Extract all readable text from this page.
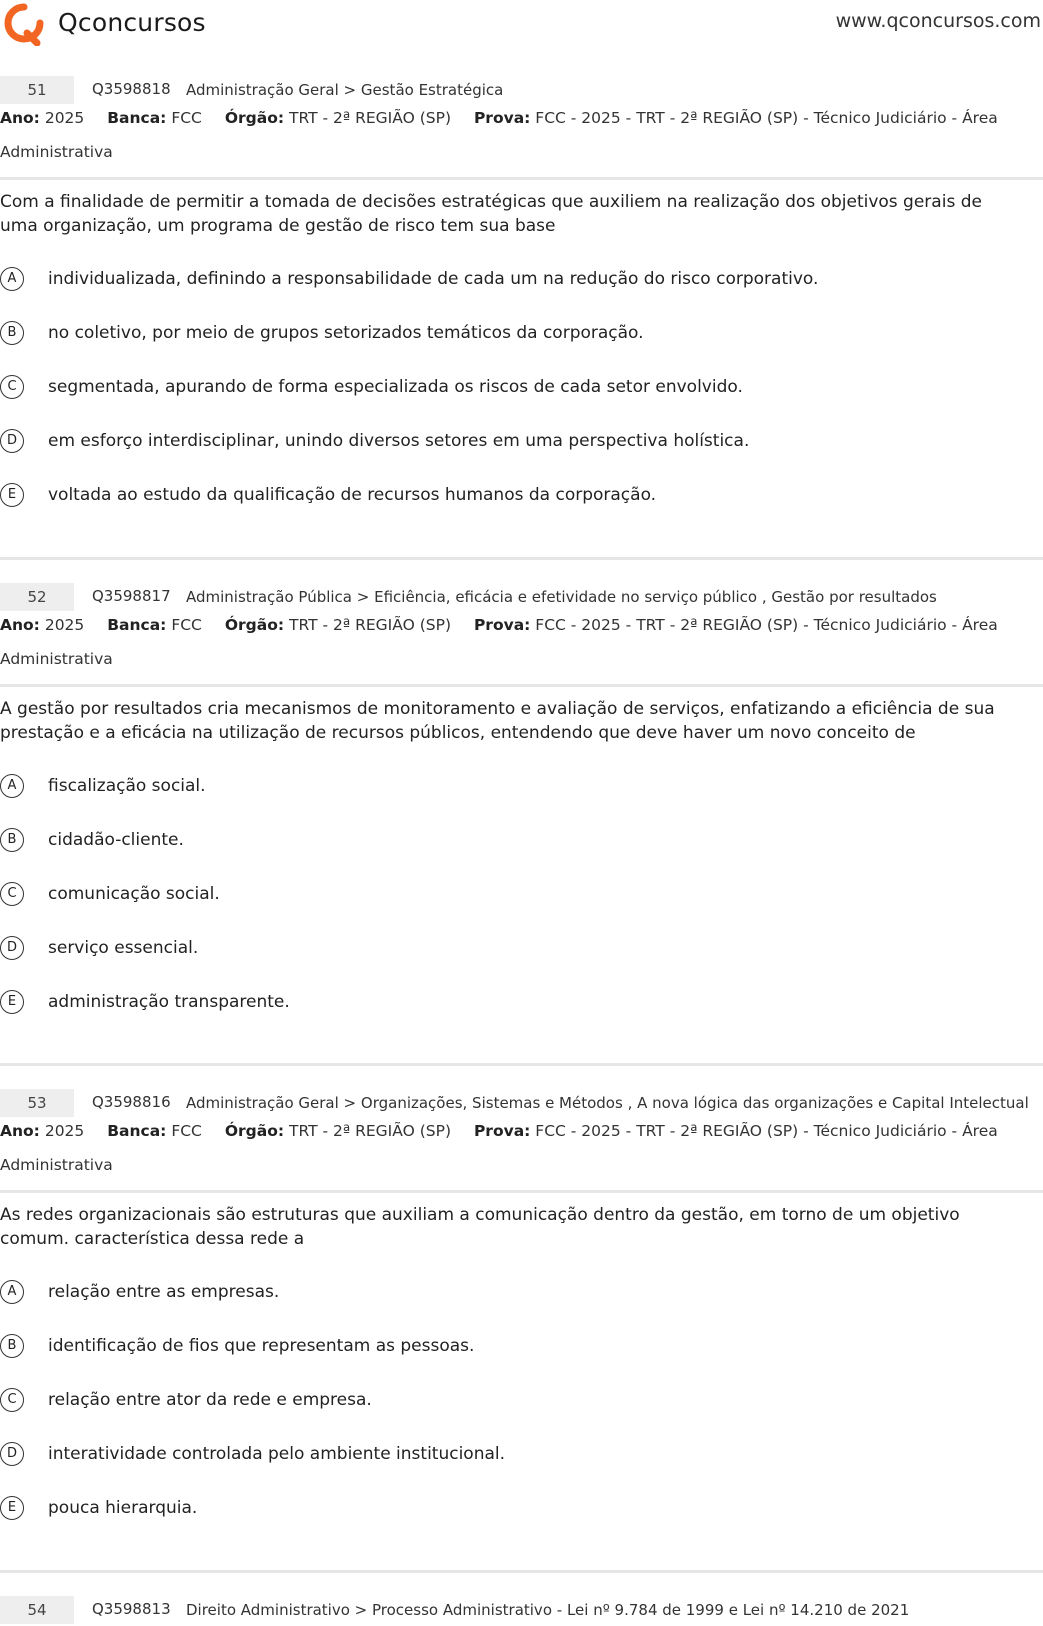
Qconcursos	www.qconcursos.com
51	Q3598818 Administração Geral > Gestão Estratégica
Ano: 2025 Banca: FCC Órgão: TRT - 2ª REGIÃO (SP) Prova: FCC - 2025 - TRT - 2ª REGIÃO (SP) - Técnico Judiciário - Área
Administrativa
Com a finalidade de permitir a tomada de decisões estratégicas que auxiliem na realização dos objetivos gerais de uma organização, um programa de gestão de risco tem sua base
A	individualizada, definindo a responsabilidade de cada um na redução do risco corporativo.
B	no coletivo, por meio de grupos setorizados temáticos da corporação.
C	segmentada, apurando de forma especializada os riscos de cada setor envolvido.
D	em esforço interdisciplinar, unindo diversos setores em uma perspectiva holística.
E	voltada ao estudo da qualificação de recursos humanos da corporação.
52	Q3598817 Administração Pública > Eficiência, eficácia e efetividade no serviço público , Gestão por resultados
Ano: 2025 Banca: FCC Órgão: TRT - 2ª REGIÃO (SP) Prova: FCC - 2025 - TRT - 2ª REGIÃO (SP) - Técnico Judiciário - Área
Administrativa
A gestão por resultados cria mecanismos de monitoramento e avaliação de serviços, enfatizando a eficiência de sua prestação e a eficácia na utilização de recursos públicos, entendendo que deve haver um novo conceito de
A	fiscalização social.
B	cidadão-cliente.
C	comunicação social.
D	serviço essencial.
E	administração transparente.
53	Q3598816 Administração Geral > Organizações, Sistemas e Métodos , A nova lógica das organizações e Capital Intelectual
Ano: 2025 Banca: FCC Órgão: TRT - 2ª REGIÃO (SP) Prova: FCC - 2025 - TRT - 2ª REGIÃO (SP) - Técnico Judiciário - Área
Administrativa
As redes organizacionais são estruturas que auxiliam a comunicação dentro da gestão, em torno de um objetivo comum. característica dessa rede a
A	relação entre as empresas.
B	identificação de fios que representam as pessoas.
C	relação entre ator da rede e empresa.
D	interatividade controlada pelo ambiente institucional.
E	pouca hierarquia.
54	Q3598813 Direito Administrativo > Processo Administrativo - Lei nº 9.784 de 1999 e Lei nº 14.210 de 2021
